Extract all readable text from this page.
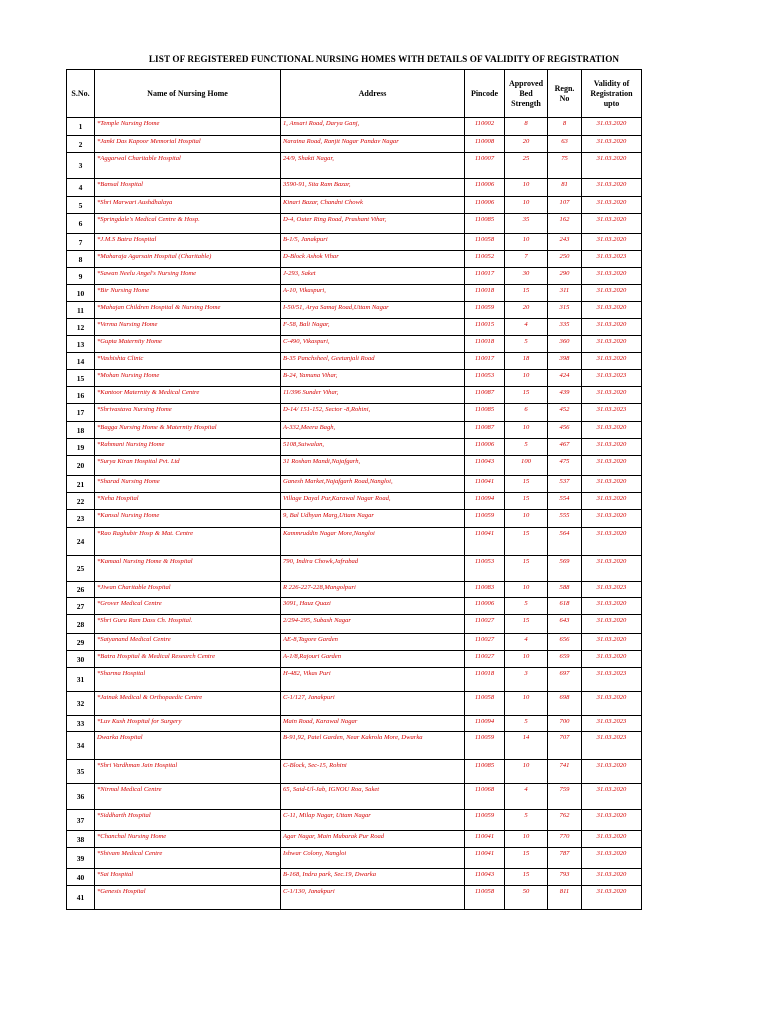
LIST OF REGISTERED FUNCTIONAL NURSING HOMES WITH DETAILS OF VALIDITY OF REGISTRATION
S.No.	Name of Nursing Home	Address	Pincode	Approved Bed Strength	Regn. No	Validity of Registration upto
1	*Temple Nursing Home	1, Ansari Road, Darya Ganj,	110002	8	8	31.03.2020
2	*Janki Das Kapoor Memorial Hospital	Naraina Road, Ranjit Nagar Pandav Nagar	110008	20	63	31.03.2020
3	*Aggarwal Charitable Hospital	24/9, Shakti Nagar,	110007	25	75	31.03.2020
4	*Bansal Hospital	3590-91, Sita Ram Bazar,	110006	10	81	31.03.2020
5	*Shri Marwari Aushdhalaya	Kinari Bazar, Chandni Chowk	110006	10	107	31.03.2020
6	*Springdale's Medical Centre & Hosp.	D-4, Outer Ring Road, Prashant Vihar,	110085	35	162	31.03.2020
7	*J.M.S Batra Hospital	B-1/5, Janakpuri	110058	10	243	31.03.2020
8	*Maharaja Agarsain Hospital (Charitable)	D-Block Ashok Vihar	110052	7	250	31.03.2023
9	*Sawan Neelu Angel's Nursing Home	J-293, Saket	110017	30	290	31.03.2020
10	*Bir Nursing Home	A-10, Vikaspuri,	110018	15	311	31.03.2020
11	*Mahajan Children Hospital & Nursing Home	I-50/51, Arya Samaj Road,Uttam Nagar	110059	20	315	31.03.2020
12	*Verma Nursing Home	F-58, Bali Nagar,	110015	4	335	31.03.2020
13	*Gupta Maternity Home	C-490, Vikaspuri,	110018	5	360	31.03.2020
14	*Vashishta Clinic	B-35 Panchsheel, Geetanjali Road	110017	18	398	31.03.2020
15	*Mohan Nursing Home	B-24, Yamuna Vihar,	110053	10	424	31.03.2023
16	*Kantoor Maternity & Medical Centre	11/396 Sunder Vihar,	110087	15	439	31.03.2020
17	*Shrivastava Nursing Home	D-14/ 151-152, Sector -8,Rohini,	110085	6	452	31.03.2023
18	*Bagga Nursing Home & Maternity Hospital	A-332,Meera Bagh,	110087	10	456	31.03.2020
19	*Rahmani Nursing Home	5108,Suiwalan,	110006	5	467	31.03.2020
20	*Surya Kiran Hospital Pvt. Ltd	31 Roshan Mandi,Najafgarh,	110043	100	475	31.03.2020
21	*Sharad Nursing Home	Ganesh Market,Najafgarh Road,Nangloi,	110041	15	537	31.03.2020
22	*Neha Hospital	Village Dayal Pur,Karawal Nagar Road,	110094	15	554	31.03.2020
23	*Kansal Nursing Home	9, Bal Udhyan Marg,Uttam Nagar	110059	10	555	31.03.2020
24	*Rao Raghubir Hosp & Mat. Centre	Kammruddin Nagar More,Nangloi	110041	15	564	31.03.2020
25	*Kamaal Nursing Home & Hospital	790, Indira Chowk,Jafrabad	110053	15	569	31.03.2020
26	*Jiwan Charitable Hospital	R 226-227-228,Mangolpuri	110083	10	588	31.03.2023
27	*Grover Medical Centre	3091, Hauz Quazi	110006	5	618	31.03.2020
28	*Shri Guru Ram Dass Ch. Hospital.	2/294-295, Subash Nagar	110027	15	643	31.03.2020
29	*Satyanand Medical Centre	AE-8,Tagore Garden	110027	4	656	31.03.2020
30	*Batra Hospital & Medical Research Centre	A-1/8,Rajouri Garden	110027	10	659	31.03.2020
31	*Sharma Hospital	H-482, Vikas Puri	110018	3	697	31.03.2023
32	*Jainak Medical & Orthopaedic Centre	C-1/127, Janakpuri	110058	10	698	31.03.2020
33	*Luv Kush Hospital for Surgery	Main Road, Karawal Nagar	110094	5	700	31.03.2023
34	Dwarka Hospital	B-91,92, Patel Garden, Near Kakrola More, Dwarka	110059	14	707	31.03.2023
35	*Shri Vardhman Jain Hospital	C-Block, Sec-15, Rohini	110085	10	741	31.03.2020
36	*Nirmal Medical Centre	65, Said-Ul-Jab, IGNOU Roa, Saket	110068	4	759	31.03.2020
37	*Siddharth Hospital	C-11, Milap Nagar, Uttam Nagar	110059	5	762	31.03.2020
38	*Chanchal Nursing Home	Agar Nagar, Main Mubarak Pur Road	110041	10	770	31.03.2020
39	*Shivam Medical Centre	Ishwar Colony, Nangloi	110041	15	787	31.03.2020
40	*Sai Hospital	B-168, Indra park, Sec.19, Dwarka	110043	15	793	31.03.2020
41	*Genesis Hospital	C-1/130, Janakpuri	110058	50	811	31.03.2020
